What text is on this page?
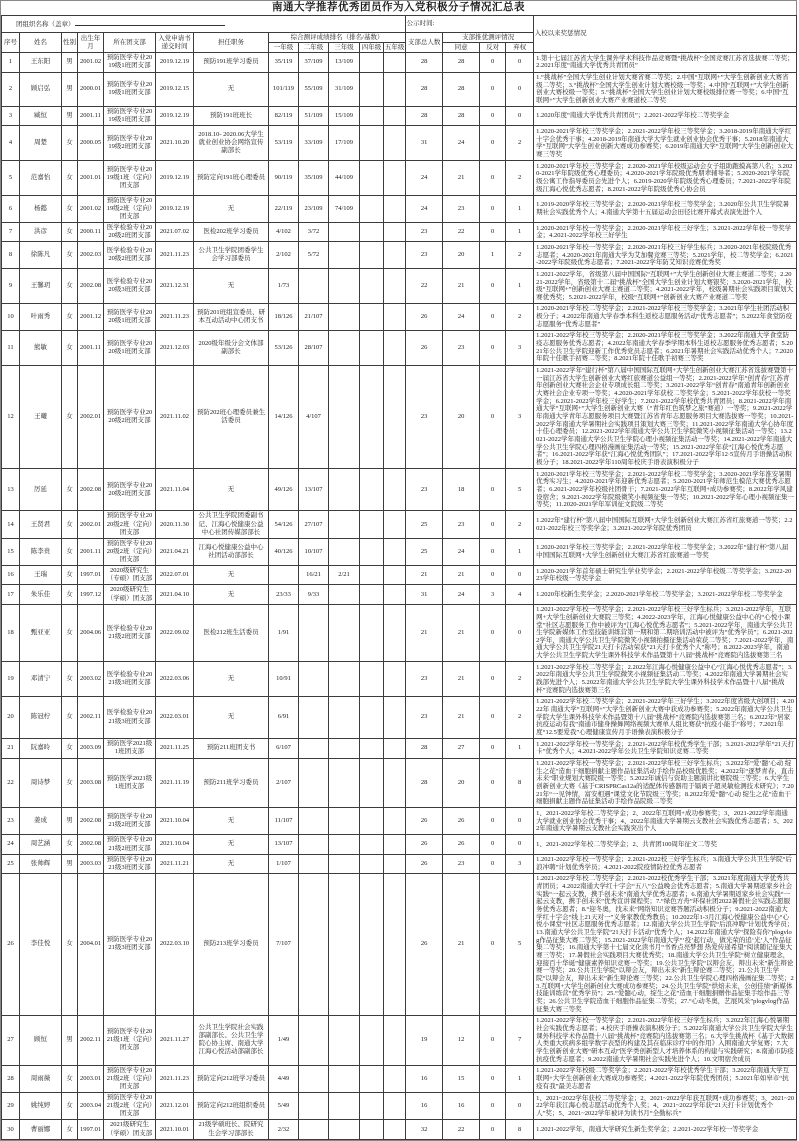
南通大学推荐优秀团员作为入党积极分子情况汇总表
团组织名称（盖章）												公示时间:				入校以来奖惩情况
序号	姓名	性别	出生年月	所在团支部	入党申请书递交时间	担任职务	综合测评成绩排名（排名/基数）					支部总人数	支部推优测评情况			
							一年级	二年级	三年级	四年级	五年级		同意	反对	弃权	
1	王东阳	男	2001.02	预防医学专业2019级1班团支部	2019.12.19	预防191班学习委员	35/119	37/109	13/109			28	28	0	0	1.第十七届江苏省大学生课外学术科技作品竞赛暨“挑战杯”全国竞赛江苏省选拔赛二等奖；2.2021年度“南通大学优秀共青团员”
2	顾启弘	男	2000.01	预防医学专业2019级1班团支部	2019.12.15	无	101/119	55/109	31/109			28	28	0	0	1.“挑战杯”全国大学生创业计划大赛省赛二等奖；2.中国“互联网+”大学生创新创业大赛省级二等奖；3.“挑战杯”全国大学生创业计划大赛校级一等奖；4.中国“互联网+”大学生创新创业大赛校级一等奖；5.“挑战杯”全国大学生创业计划大赛校级排位赛一等奖；6.中国“互联网+”大学生创新创业大赛产业赛道校二等奖
3	臧恒	男	2001.11	预防医学专业2019级1班团支部	2019.12.19	预防191班班长	82/119	51/109	15/109			28	28	0	0	1.2020年度“南通大学优秀共青团员”；2.2021-2022学年校二等奖学金
4	周楚	女	2000.05	预防医学专业2019级2班团支部	2021.10.20	2018.10- 2020.06大学生就业创业协会网络宣传副部长	53/119	33/109	17/109			31	24	0	2	1.2020-2021学年校三等奖学金；2.2021-2022学年校三等奖学金；3.2018-2019年南通大学红十字会优秀干事；4.2018-2019年南通大学大学生就业创业协会优秀干事；5.2018年南通大学“互联网”大学生创业创新大赛成功参赛奖；6.2019年南通大学“互联网”大学生创新创业大赛三等奖
5	范嘉怡	女	2001.01	预防医学专业2019级1班（定向）团支部	2019.12.19	预防定向191班心理委员	90/119	35/109	44/109			24	21	0	2	1.2020-2021学年校三等奖学金；2.2020-2021学年校级运动会女子组助跑摸高第八名；3.2020-2021学年院级优秀心理委员；4.2020-2021学年院级优秀朋辈辅导者；5.2020-2021学年院级公寓工作指导委员会先进个人；6.2019-2020学年院级优秀心理委员；7.2021-2022学年院级江海心悦优秀志愿者；8.2021-2022学年院级优秀心协会员
6	杨懿	女	2001.02	预防医学专业2019级2班（定向）团支部	2019.12.19	无	22/119	23/109	74/109			24	23	0	1	1.2019-2020学年校三等奖学金；2.2020-2021学年校三等奖学金；3.2020年公共卫生学院暑期社会实践优秀个人；4.南通大学第十五届运动会田径比赛开幕式表演先进个人
7	洪彦	女	2000.11	医学检验专业2020级2班团支部	2021.07.02	医检202班学习委员	4/102	3/72				23	22	0	1	1.2020-2021学年校一等奖学金；2.2020-2021学年校三好学生；3.2021-2022学年校一等奖学金；4.2021-2022学年校三好学生
8	徐陈凡	女	2002.03	医学检验专业2020级2班团支部	2021.11.23	公共卫生学院团委学生会学习部委员	2/102	5/72				23	20	1	2	1.2020-2021学年校一等奖学金；2.2020-2021年校三好学生标兵；3.2020-2021年校院级优秀志愿者；4.2020-2021年南通大学为艾加餐竞赛三等奖；5.2021学年，校二等奖学金；6.2021-2022学年院级优秀志愿者；7.2021-2022学年防艾知识竞赛优秀奖
9	王馨玥	女	2002.08	医学检验专业2020级3班团支部	2021.12.31	无	1/73					22	21	0	1	1.2021-2022学年，省级第八届中国国际“互联网+”大学生创新创业大赛主赛道二等奖；2.2021-2022学年，省级第十二届“挑战杯”全国大学生创业计划大赛银奖；3.2020-2021学年，校级“互联网+”创新创业大赛主赛道二等奖；4.2021-2022学年，校级暑期社会实践项目策划大赛优秀奖；5.2021-2022学年，校级“互联网+”创新创业大赛产业赛道二等奖
10	叶雨秀	女	2001.12	预防医学专业2020级1班团支部	2021.11.23	预防201班组宣委员、研本互动活动中心团支书	18/126	21/107				26	24	0	2	1.2020-2021学年校二等奖学金；2.2021-2022学年校三等奖学金；3.2021年学生社团活动积极分子；4.2022年南通大学春季本科生返校志愿服务活动“优秀志愿者”；5.2022年食堂防疫志愿服务“优秀志愿者”
11	熊敏	女	2001.11	预防医学专业2020级1班团支部	2021.12.03	2020级年级分会文体部副部长	53/126	28/107				26	23	0	3	1.2021-2022学年校三等奖学金；2.2020-2021学年校三等奖学金；3.2022年南通大学食堂防疫志愿服务优秀志愿者；4.2022年南通大学春季学期本科生返校志愿服务优秀志愿者；5.2021年公共卫生学院迎新工作优秀党员志愿者；6.2021年暑期社会实践活动优秀个人；7.2020年院十佳歌手初赛二等奖；8.2021年院十佳歌手初赛三等奖
12	王曦	女	2002.01	预防医学专业2020级2班团支部	2021.11.02	预防202班心理委员兼生活委员	14/126	4/107				23	20	0	3	1.2021-2022学年“建行杯”第八届中国国际互联网+大学生创新创业大赛江苏省选拔赛暨第十一届江苏省大学生创新创业大赛红旅赛道公益组一等奖；2.2021-2022学年“创青春”江苏青年创新创业大赛社会企业专项成长组二等奖；3.2021-2022学年“创青春”南通青年创新创业大赛社会企业专项一等奖；4.2020-2021学年获校二等奖学金；5.2021-2022学年获校一等奖学金；6.2021-2022学年校三好学生；7.2021-2022学年校优秀共青团员；8.2021-2022学年南通大学“互联网+”大学生创新创业大赛（“青年红色筑梦之旅”赛道）一等奖；9.2021-2022学年南通大学青年志愿服务项目大赛暨江苏省青年志愿服务项目大赛选拔赛一等奖；10.2021-2022学年南通大学暑期社会实践项目策划大赛三等奖；11.2021-2022学年南通大学心协年度十佳心理委员；12.2021-2022学年南通大学公共卫生学院微笑小视频征集活动一等奖；13.2021-2022学年南通大学公共卫生学院心理小视频征集活动一等奖；14.2021-2022学年南通大学公共卫生学院心理四格漫画征集活动一等奖；15.2021-2022学年获“江海心悦优秀志愿者”；16.2021-2022学年获“江海心悦优秀团队”；17.2021-2022学年12·5宣传月手语操活动积极分子；18.2021-2022学年110周年校庆手语表演积极分子
13	厉延	女	2002.08	预防医学专业2020级2班团支部	2021.11.04	无	49/126	13/107				23	18	0	5	1.2020-2021学年校三等奖学金；2.2021-2022学年校二等奖学金；3.2020-2021学年淮安暑期优秀实习生；4.2020-2021学年迎新优秀志愿者；5.2020-2021学年师范生模范大赛优秀志愿者；6.2021-2022学年校级社团骨干；7.2021-2022学年互联网+成功参赛奖；8.2022年学风建设宿舍；9.2021-2022学年院级微笑小视频征集一等奖；10.2021-2022学年心理小视频征集一等奖；11.2020-2021学年军训征文院级二等奖
14	王贤君	女	2002.01	预防医学专业2020级2班（定向）团支部	2020.11.30	公共卫生学院团委副书记、江海心悦健康公益中心社团传媒部部长	54/126	27/107				25	23	0	2	1.2022年“建行杯”第八届中国国际互联网+大学生创新创业大赛江苏省红旅赛道一等奖；2.2021-2022年校三等奖学金；3.2021-2022学年院优秀团员
15	陈李贵	女	2001.11	预防医学专业2020级2班（定向）团支部	2021.04.21	江海心悦健康公益中心社团活动部部长	40/126	10/107				25	24	0	1	1.2020-2021学年校三等奖学金；2.2021-2022学年校二等奖学金；3.2022年“建行杯”第八届中国国际互联网+大学生创新创业大赛江苏省红旅赛道一等奖
16	王瑞	女	1997.01	2020级研究生（专硕）团支部	2022.07.01	无		16/21	2/21			21	21	0	0	1.2020-2021学年首年硕士研究生学业奖学金；2.2021-2022学年校级二等奖学金；3.2022-2023学年校级一等奖学金
17	朱乐佳	女	1997.12	2020级研究生（学硕）团支部	2021.04.10	无	23/33	9/33				31	24	3	4	1.2020年校新生奖学金；2.2020-2021学年校二等奖学金；3.2021-2022学年校二等奖学金
18	甄亚亚	女	2004.06	医学检验专业2021级2班团支部	2022.09.02	医检212班生活委员	1/91					21	21	0	0	1.2021-2022学年校一等奖学金；2.2021-2022学年校三好学生标兵；3.2021-2022学年，互联网+大学生创新创业大赛院三等奖；4.2022-2023学年，江海心悦健康公益中心的“心悦小课堂”社区志愿服务工作中被评为“江海心悦优秀志愿者”；5.2021-2022学年，南通大学公共卫生学院新媒体工作室技能训练营第一期和第二期培训活动中被评为“优秀学员”；6.2021-2022学年，南通大学公共卫生学院微笑小视频拍摄征集活动荣获二等奖；7.2021-2022学年，南通大学公共卫生学院21天打卡活动荣获“21天打卡优秀个人”称号；8.2022-2023学年，南通大学公共卫生学院大学生课外科技学术作品暨第十八届“挑战杯”竞赛院内选拔赛第三名
19	邓清宁	女	2003.02	医学检验专业2021级3班团支部	2022.03.06	无	10/91					23	21	0	2	1.2021-2022学年校二等奖学金；2.2022年江海心悦健康公益中心“江海心悦优秀志愿者”；3.2022年南通大学公共卫生学院微笑小视频征集活动二等奖；4.2022年南通大学暑期社会实践部先进个人；5.2022年南通大学公共卫生学院大学生课外科技学术作品暨十八届“挑战杯”竞赛院内选拔赛第三名
20	陈冠柠	女	2002.11	医学检验专业2021级3班团支部	2022.03.01	无	6/91					23	21	0	2	1.2021-2022学年校二等奖学金；2.2021-2022学年三好学生；3.2022年度省级大创项目；4.2022年 南通大学“互联网+”大学生创新创业大赛中获成功参赛奖；5.2022年南通大学公共卫生学院大学生课外科技学术作品暨第十八届“挑战杯”竞赛院内选拔赛第三名；6.2022年“居家抗疫运动有我”南通市健身操舞网络视频大赛单人组比赛获“抗疫小能手”称号；7.2021年度“12.5要爱我”心理健康宣传月手语操表演积极分子
21	阮嘉昤	女	2003.09	预防医学2021级1班团支部	2021.11.25	预防211班团支书	6/107					28	27	0	1	1.2021-2022学年校一等奖学金；2.2021-2022学年校优秀学生干部；3.2021-2022学年“21天打卡”优秀个人；4.2021-2022学年公共卫生学院知识竞赛二等奖
22	周诗梦	女	2003.08	预防医学2021级1班团支部	2021.11.19	预防211班学习委员	2/107					28	20	0	8	1.2021-2022学年校一等奖学金；2.2021-2022学年校三好学生标兵；3.2022年“爱‘髓’心动 绽生之花”造血干细胞捐献主题作品征集活动手绘作品校级优胜奖；4.2022年“逐梦青春，直击未来”职业规划大赛院级一等奖；5.2022年诚信与资助主题演讲比赛院级三等奖；6.大学生创新创业大赛《基于CRISPRCas12a的适配体传感器用于镉离子超灵敏检测技术研究》；7.2021年“一见钟情，富安相遇”课堂文化节院级三等奖；8.2022年爱“髓”心动 绽生之花”造血干细胞捐献主题作品征集活动手绘作品院级二等奖
23	姜成	男	2002.08	预防医学专业2021级2班团支部	2021.10.04	无	11/107					26	26	0	0	1、2021-2022学年校二等奖学金；2、2022年互联网+成功参赛奖；3、2021-2022学年南通大学就业创业协会优秀干事；4、2022年南通大学暑期云支教社会实践优秀志愿者；5、2022年南通大学暑期云支教社会实践突出个人
24	周艺涵	女	2002.08	预防医学专业2021级2班团支部	2021.10.04	无	13/107					26	26	0	0	1、2021-2022学年校二等奖学金；2、共青团100周年征文二等奖
25	张帅辉	男	2003.03	预防医学专业2021级3班团支部	2021.11.21	无	1/107					26	23	0	3	1.2021-2022学年校一等奖学金；2.2021-2022校三好学生标兵；3.南通大学公共卫生学院“后浪冲聘”计划优秀学员；4.2021-2022院疫情防控优秀志愿者
26	李佳悦	女	2004.01	预防医学专业2021级3班团支部	2022.03.10	预防213班学习委员	7/107					26	21	0	5	1.2021-2022学年校二等奖学金；2.2021-2022校优秀学生干部；3.2021年度南通大学优秀共青团员；4.2022南通大学红十字会“五八”公益晚会优秀志愿者；5.南通大学暑期返家乡社会实践“一起云支教，携手创未来”南通大学优秀志愿者；6.南通大学暑期返家乡社会实践“一起云支教，携手创未来”优秀宣讲课程奖；7.“绿色方舟”环保社团2022暑假社会实践志愿服务优秀志愿者；8.“迎冬奥，找未来”网络知识竞赛答题活动积极分子；9.2021-2022南通大学红十字会“线上21天对一”义务家教优秀教员；10.2022年1-3月江海心悦健康公益中心“心悦小课堂”社区志愿服务优秀志愿者；12.南通大学公共卫生学院“后浪冲聘”计划优秀学员；13.南通大学公共卫生学院“21天打卡活动”优秀个人；14.2022年南通大学“探险有你”plogvlog作品征集大赛二等奖；15.2021-2022学年南通大学“‘疫’起行动，做光荣的追‘光’人”作品征集二等奖；16.南通大学第十七届文化读书月“书香点亮梦想 热爱传递希望”阅读随记征集大赛三等奖；17.暑假社会实践项目大赛优秀奖；18.南通大学公共卫生学院“树立健康理念，迎接百十华诞”健康素养知识竞赛一等奖；19.公共卫生学院“以辩会友，辩出未来”新生辩论赛一等奖；20.公共卫生学院“以辩会友，辩出未来”新生辩论赛二等奖；21.公共卫生学院“以辩会友，辩出未来”新生辩论赛三等奖；22.公共卫生学院心理四格漫画征集二等奖；23.互联网+大学生创新创业大赛成功参赛奖；24.公共卫生学院“烘焙未来，公创佳绩”新媒体技能训练营“优秀学员”；25.“爱髓心动，绽生之花”造血干细胞捐赠作品征集手绘作品三等奖；26.公共卫生学院造血干细胞作品征集二等奖；27.“心动冬奥，艺展风采”plogvlog作品征集大赛三等奖
27	顾恒	男	2002.11	预防医学专业2021级1班（定向）团支部	2021.11.27	公共卫生学院社会实践部副部长、公共卫生学院心协主席、南通大学江海心悦活动部副部长	1/49					19	12	0	7	1.2021-2022学年校一等奖学金；2.2021-2022学年校三好学生标兵；3.2022年江海心悦暑期社会实践优秀志愿者；4.校庆手语操表演积极分子；5.2022年南通大学公共卫生学院大学生课外科技学术作品暨十八届“挑战杯”竞赛院内选拔赛第三名；6.大学生挑战杯《基于大数据人类重大疾病多组学数字表型的构建及其在临床诊疗中的作用》入围南通大学复赛；7.大学生创新创业大赛“研本互动”医学类创新型人才培养体系的构建与实践研究；8.南通市防疫抗疫优秀志愿者；9.2022南通大学暑期社会实践先进个人；10.文明宿舍成员
28	周雨薇	女	2003.01	预防医学专业2021级2班（定向）团支部	2021.11.23	预防定向212班学习委员	4/49					16	15	0	1	1.2021-2022学年校级二等奖学金；2.2021-2022学年校优秀学生干部；3.2022年南通大学互联网+大学生创新创业大赛成功参赛奖；4.2021-2022学年院优秀团员；5.2021年如皋市“抗疫有我”最美志愿者
29	姚纯婷	女	2003.04	预防医学专业2021级2班（定向）团支部	2021.12.01	预防定向212班组织委员	5/49					16	16	0	0	1、2021~2022学年获校二等奖学金；2、2021~2022学年获互联网+成功参赛奖；3、2021~2022学年获江海心悦志愿活动优秀个人奖；4、2021~2022学年获“21天打卡计划优秀个人”奖；5、2021~2022学年被评为读书月“全勤标兵”
30	曹丽娜	女	1997.01	2021级研究生（学硕）团支部	2021.10.01	21级学硕班长、院研究生会学习部部长	2/32					32	22	0	8	1.2021-2022学年，南通大学研究生新生奖学金；2.2021-2022学年校一等奖学金
